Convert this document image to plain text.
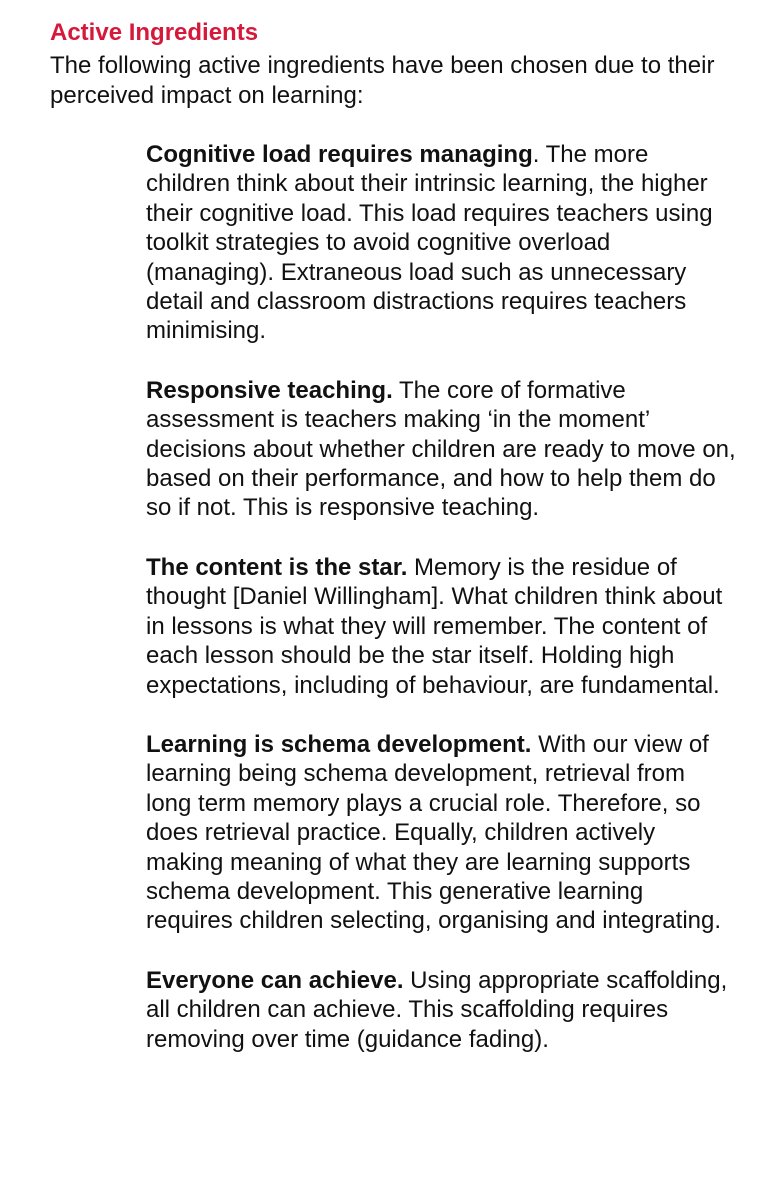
Active Ingredients

The following active ingredients have been chosen due to their perceived impact on learning:

Cognitive load requires managing. The more children think about their intrinsic learning, the higher their cognitive load. This load requires teachers using toolkit strategies to avoid cognitive overload (managing). Extraneous load such as unnecessary detail and classroom distractions requires teachers minimising.

Responsive teaching. The core of formative assessment is teachers making ‘in the moment’ decisions about whether children are ready to move on, based on their performance, and how to help them do so if not. This is responsive teaching.

The content is the star. Memory is the residue of thought [Daniel Willingham]. What children think about in lessons is what they will remember. The content of each lesson should be the star itself. Holding high expectations, including of behaviour, are fundamental.

Learning is schema development. With our view of learning being schema development, retrieval from long term memory plays a crucial role. Therefore, so does retrieval practice. Equally, children actively making meaning of what they are learning supports schema development. This generative learning requires children selecting, organising and integrating.

Everyone can achieve. Using appropriate scaffolding, all children can achieve. This scaffolding requires removing over time (guidance fading).
